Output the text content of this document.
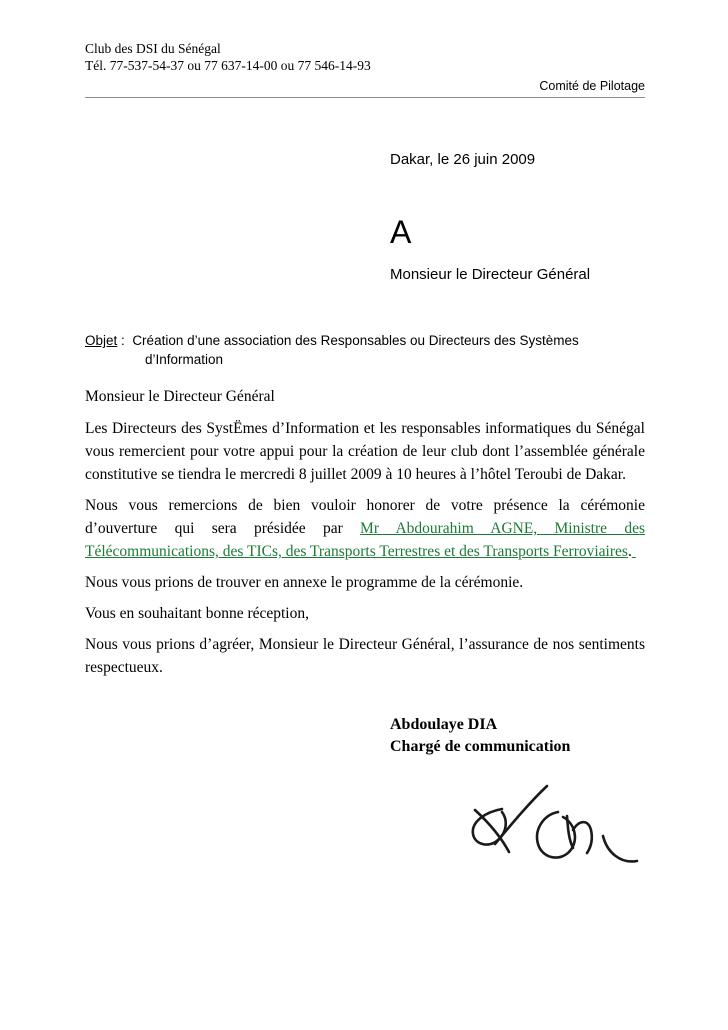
Club des DSI du Sénégal
Tél. 77-537-54-37 ou 77 637-14-00 ou 77 546-14-93
Comité de Pilotage
Dakar, le 26 juin 2009
A
Monsieur le Directeur Général
Objet : Création d’une association des Responsables ou Directeurs des Systèmes
d’Information

Monsieur le Directeur Général

Les Directeurs des SystËmes d’Information et les responsables informatiques du Sénégal vous remercient pour votre appui pour la création de leur club dont l’assemblée générale constitutive se tiendra le mercredi 8 juillet 2009 à 10 heures à l’hôtel Teroubi de Dakar.

Nous vous remercions de bien vouloir honorer de votre présence la cérémonie d’ouverture qui sera présidée par Mr Abdourahim AGNE, Ministre des Télécommunications, des TICs, des Transports Terrestres et des Transports Ferroviaires.

Nous vous prions de trouver en annexe le programme de la cérémonie.

Vous en souhaitant bonne réception,

Nous vous prions d’agréer, Monsieur le Directeur Général, l’assurance de nos sentiments respectueux.

Abdoulaye DIA
Chargé de communication
